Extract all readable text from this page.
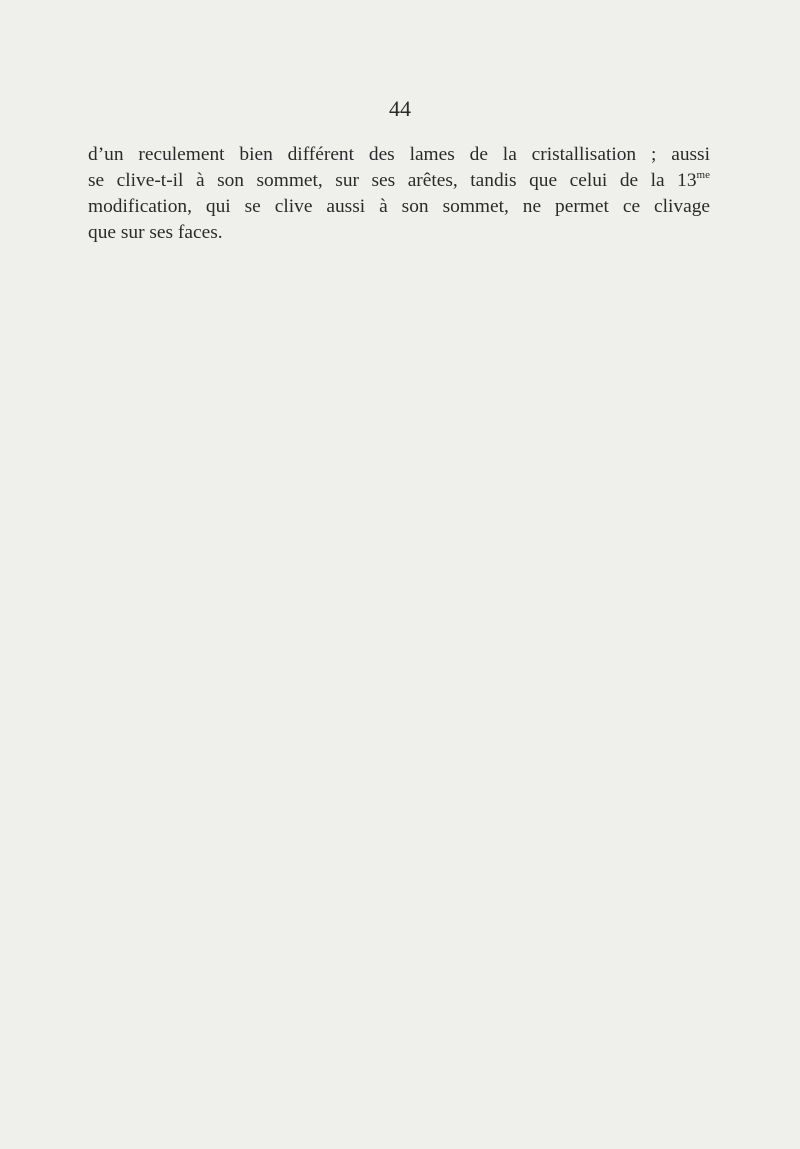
44
d’un reculement bien différent des lames de la cristallisation ; aussi
se clive-t-il à son sommet, sur ses arêtes, tandis que celui de la $13^{me}$
modification, qui se clive aussi à son sommet, ne permet ce clivage
que sur ses faces.
